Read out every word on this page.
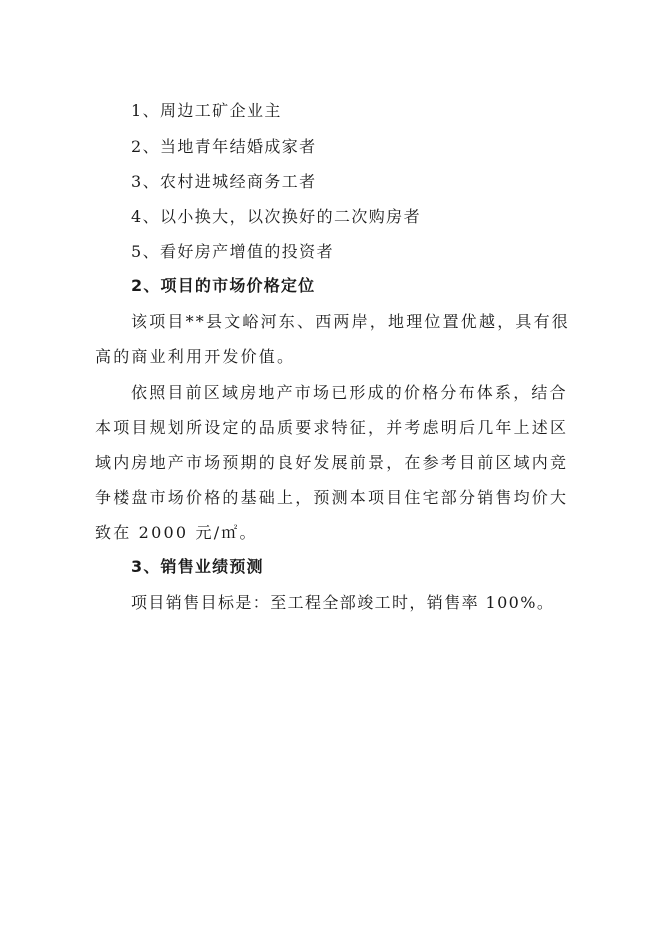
1、周边工矿企业主
2、当地青年结婚成家者
3、农村进城经商务工者
4、以小换大，以次换好的二次购房者
5、看好房产增值的投资者
2、项目的市场价格定位
该项目**县文峪河东、西两岸，地理位置优越，具有很
高的商业利用开发价值。
依照目前区域房地产市场已形成的价格分布体系，结合
本项目规划所设定的品质要求特征，并考虑明后几年上述区
域内房地产市场预期的良好发展前景，在参考目前区域内竞
争楼盘市场价格的基础上，预测本项目住宅部分销售均价大
致在 2000 元/㎡。
3、销售业绩预测
项目销售目标是：至工程全部竣工时，销售率 100%。
